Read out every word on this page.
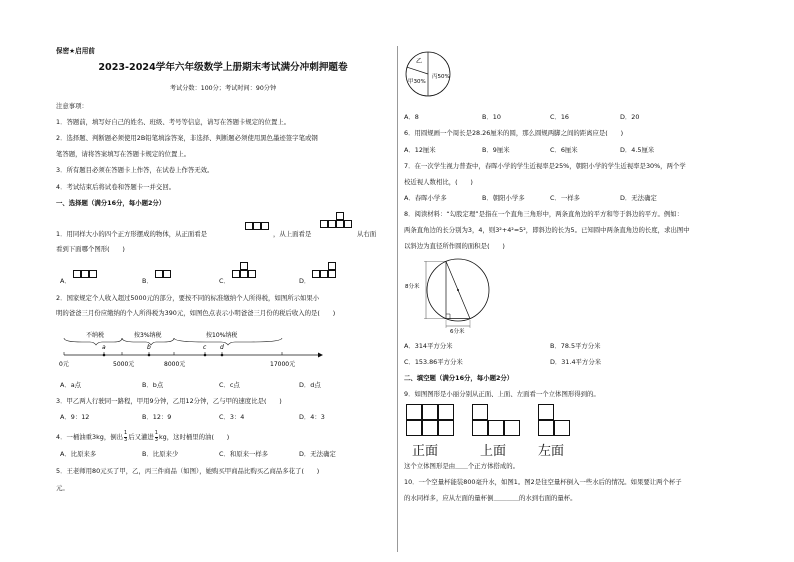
保密★启用前
2023-2024学年六年级数学上册期末考试满分冲刺押题卷
考试分数：100分；考试时间：90分钟
注意事项：
1．答题前，填写好自己的姓名、班级、考号等信息，请写在答题卡规定的位置上。
2．选择题、判断题必须使用2B铅笔填涂答案，非选择、判断题必须使用黑色墨迹签字笔或钢
笔答题，请将答案填写在答题卡规定的位置上。
3．所有题目必须在答题卡上作答，在试卷上作答无效。
4．考试结束后将试卷和答题卡一并交回。
一、选择题（满分16分，每小题2分）
1．用同样大小的四个正方形摆成的物体，从正面看是	，从上面看是	从右面
看到下面哪个图形(　　)
A．	B．	C．	D．
2．国家规定个人收入超过5000元的部分，要按不同的标准缴纳个人所得税，如图所示如果小
明的爸爸三月份应缴纳的个人所得税为390元，如图色点表示小明爸爸三月份的税后收入的是(　　)
不纳税	按3%纳税	按10%纳税
a	b	c d
0元	5000元	8000元	17000元
A．a点	B．b点	C．c点	D．d点
3．甲乙两人行驶同一路程，甲用9分钟，乙用12分钟，乙与甲的速度比是(　　)
A．9：12	B．12：9	C．3：4	D．4：3
4．一桶油重3kg，倒出 $\frac{1}{3}$ 后又灌进 $\frac{1}{3}$ kg，这时桶里的油(　　)
A．比原来多	B．比原来少	C．和原来一样多	D．无法确定
5．王老师用80元买了甲，乙，丙三件商品（如图），她购买甲商品比购买乙商品多花了(　　)
元。
乙
甲30%
丙50%
A．8	B．10	C．16	D．20
6．用圆规画一个周长是28.26厘米的圆，那么圆规两脚之间的距离应是(　　)
A．12厘米	B．9厘米	C．6厘米	D．4.5厘米
7．在一次学生视力普查中，春晖小学的学生近视率是25%，朝阳小学的学生近视率是30%，两个学
校近视人数相比，(　　)
A．春晖小学多	B．朝阳小学多	C．一样多	D．无法确定
8．阅读材料：“勾股定理”是指在一个直角三角形中，两条直角边的平方和等于斜边的平方。例如：
两条直角边的长分别为3，4，则3²+4²=5²，即斜边的长为5。已知圆中两条直角边的长度，求出图中
以斜边为直径所作圆的面积是(　　)
8分米
6分米
A．314平方分米	B．78.5平方分米
C．153.86平方分米	D．31.4平方分米
二、填空题（满分16分，每小题2分）
9．如图图形是小丽分别从正面、上面、左面看一个立体图形得到的。
正面	上面 左面
这个立体图形是由＿＿个正方体搭成的。
10．一个空量杯能装800毫升水，如图1。图2是往空量杯倒入一些水后的情况。如果要让两个杯子
的水同样多，应从左面的量杯倒＿＿＿＿的水到右面的量杯。
